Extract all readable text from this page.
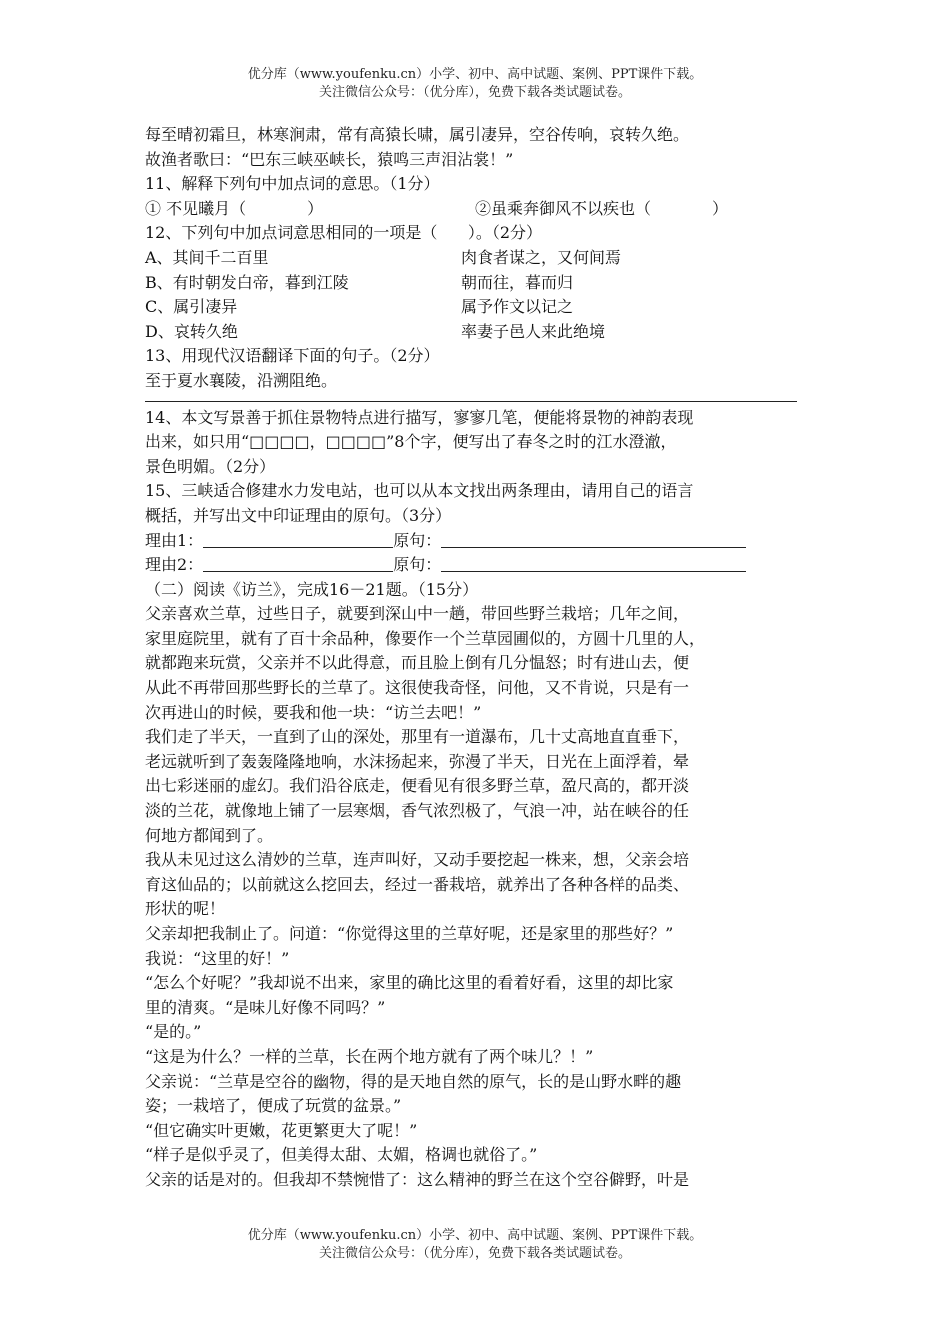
优分库（www.youfenku.cn）小学、初中、高中试题、案例、PPT课件下载。
关注微信公众号：（优分库），免费下载各类试题试卷。
每至晴初霜旦，林寒涧肃，常有高猿长啸，属引凄异，空谷传响，哀转久绝。
故渔者歌曰：“巴东三峡巫峡长，猿鸣三声泪沾裳！”
11、解释下列句中加点词的意思。（1分）
① 不见曦月（            ）	②虽乘奔御风不以疾也（            ）
12、下列句中加点词意思相同的一项是（      ）。（2分）
A、其间千二百里	肉食者谋之，又何间焉
B、有时朝发白帝，暮到江陵	朝而往，暮而归
C、属引凄异	属予作文以记之
D、哀转久绝	率妻子邑人来此绝境
13、用现代汉语翻译下面的句子。（2分）
至于夏水襄陵，沿溯阻绝。
14、本文写景善于抓住景物特点进行描写，寥寥几笔，便能将景物的神韵表现
出来，如只用“□□□□，□□□□”8个字，便写出了春冬之时的江水澄澈，
景色明媚。（2分）
15、三峡适合修建水力发电站，也可以从本文找出两条理由，请用自己的语言
概括，并写出文中印证理由的原句。（3分）
理由1：	原句：
理由2：	原句：
（二）阅读《访兰》，完成16－21题。（15分）
父亲喜欢兰草，过些日子，就要到深山中一趟，带回些野兰栽培；几年之间，
家里庭院里，就有了百十余品种，像要作一个兰草园圃似的，方圆十几里的人，
就都跑来玩赏，父亲并不以此得意，而且脸上倒有几分愠怒；时有进山去，便
从此不再带回那些野长的兰草了。这很使我奇怪，问他，又不肯说，只是有一
次再进山的时候，要我和他一块：“访兰去吧！”
我们走了半天，一直到了山的深处，那里有一道瀑布，几十丈高地直直垂下，
老远就听到了轰轰隆隆地响，水沫扬起来，弥漫了半天，日光在上面浮着，晕
出七彩迷丽的虚幻。我们沿谷底走，便看见有很多野兰草，盈尺高的，都开淡
淡的兰花，就像地上铺了一层寒烟，香气浓烈极了，气浪一冲，站在峡谷的任
何地方都闻到了。
我从未见过这么清妙的兰草，连声叫好，又动手要挖起一株来，想，父亲会培
育这仙品的；以前就这么挖回去，经过一番栽培，就养出了各种各样的品类、
形状的呢！
父亲却把我制止了。问道：“你觉得这里的兰草好呢，还是家里的那些好？”
我说：“这里的好！”
“怎么个好呢？”我却说不出来，家里的确比这里的看着好看，这里的却比家
里的清爽。“是味儿好像不同吗？”
“是的。”
“这是为什么？一样的兰草，长在两个地方就有了两个味儿？！”
父亲说：“兰草是空谷的幽物，得的是天地自然的原气，长的是山野水畔的趣
姿；一栽培了，便成了玩赏的盆景。”
“但它确实叶更嫩，花更繁更大了呢！”
“样子是似乎灵了，但美得太甜、太媚，格调也就俗了。”
父亲的话是对的。但我却不禁惋惜了：这么精神的野兰在这个空谷僻野，叶是
优分库（www.youfenku.cn）小学、初中、高中试题、案例、PPT课件下载。
关注微信公众号：（优分库），免费下载各类试题试卷。
